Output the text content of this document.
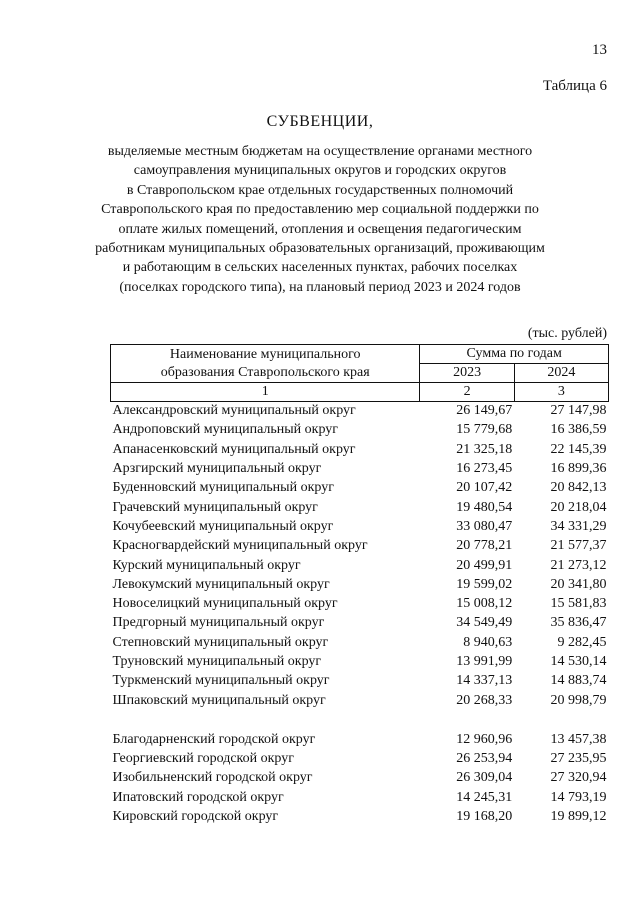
13
Таблица 6
СУБВЕНЦИИ,
выделяемые местным бюджетам на осуществление органами местного
самоуправления муниципальных округов и городских округов
в Ставропольском крае отдельных государственных полномочий
Ставропольского края по предоставлению мер социальной поддержки по
оплате жилых помещений, отопления и освещения педагогическим
работникам муниципальных образовательных организаций, проживающим
и работающим в сельских населенных пунктах, рабочих поселках
(поселках городского типа), на плановый период 2023 и 2024 годов
(тыс. рублей)
Наименование муниципального
образования Ставропольского края	Сумма по годам	
	2023	2024
1	2	3
Александровский муниципальный округ	26 149,67	27 147,98
Андроповский муниципальный округ	15 779,68	16 386,59
Апанасенковский муниципальный округ	21 325,18	22 145,39
Арзгирский муниципальный округ	16 273,45	16 899,36
Буденновский муниципальный округ	20 107,42	20 842,13
Грачевский муниципальный округ	19 480,54	20 218,04
Кочубеевский муниципальный округ	33 080,47	34 331,29
Красногвардейский муниципальный округ	20 778,21	21 577,37
Курский муниципальный округ	20 499,91	21 273,12
Левокумский муниципальный округ	19 599,02	20 341,80
Новоселицкий муниципальный округ	15 008,12	15 581,83
Предгорный муниципальный округ	34 549,49	35 836,47
Степновский муниципальный округ	8 940,63	9 282,45
Труновский муниципальный округ	13 991,99	14 530,14
Туркменский муниципальный округ	14 337,13	14 883,74
Шпаковский муниципальный округ	20 268,33	20 998,79

Благодарненский городской округ	12 960,96	13 457,38
Георгиевский городской округ	26 253,94	27 235,95
Изобильненский городской округ	26 309,04	27 320,94
Ипатовский городской округ	14 245,31	14 793,19
Кировский городской округ	19 168,20	19 899,12
